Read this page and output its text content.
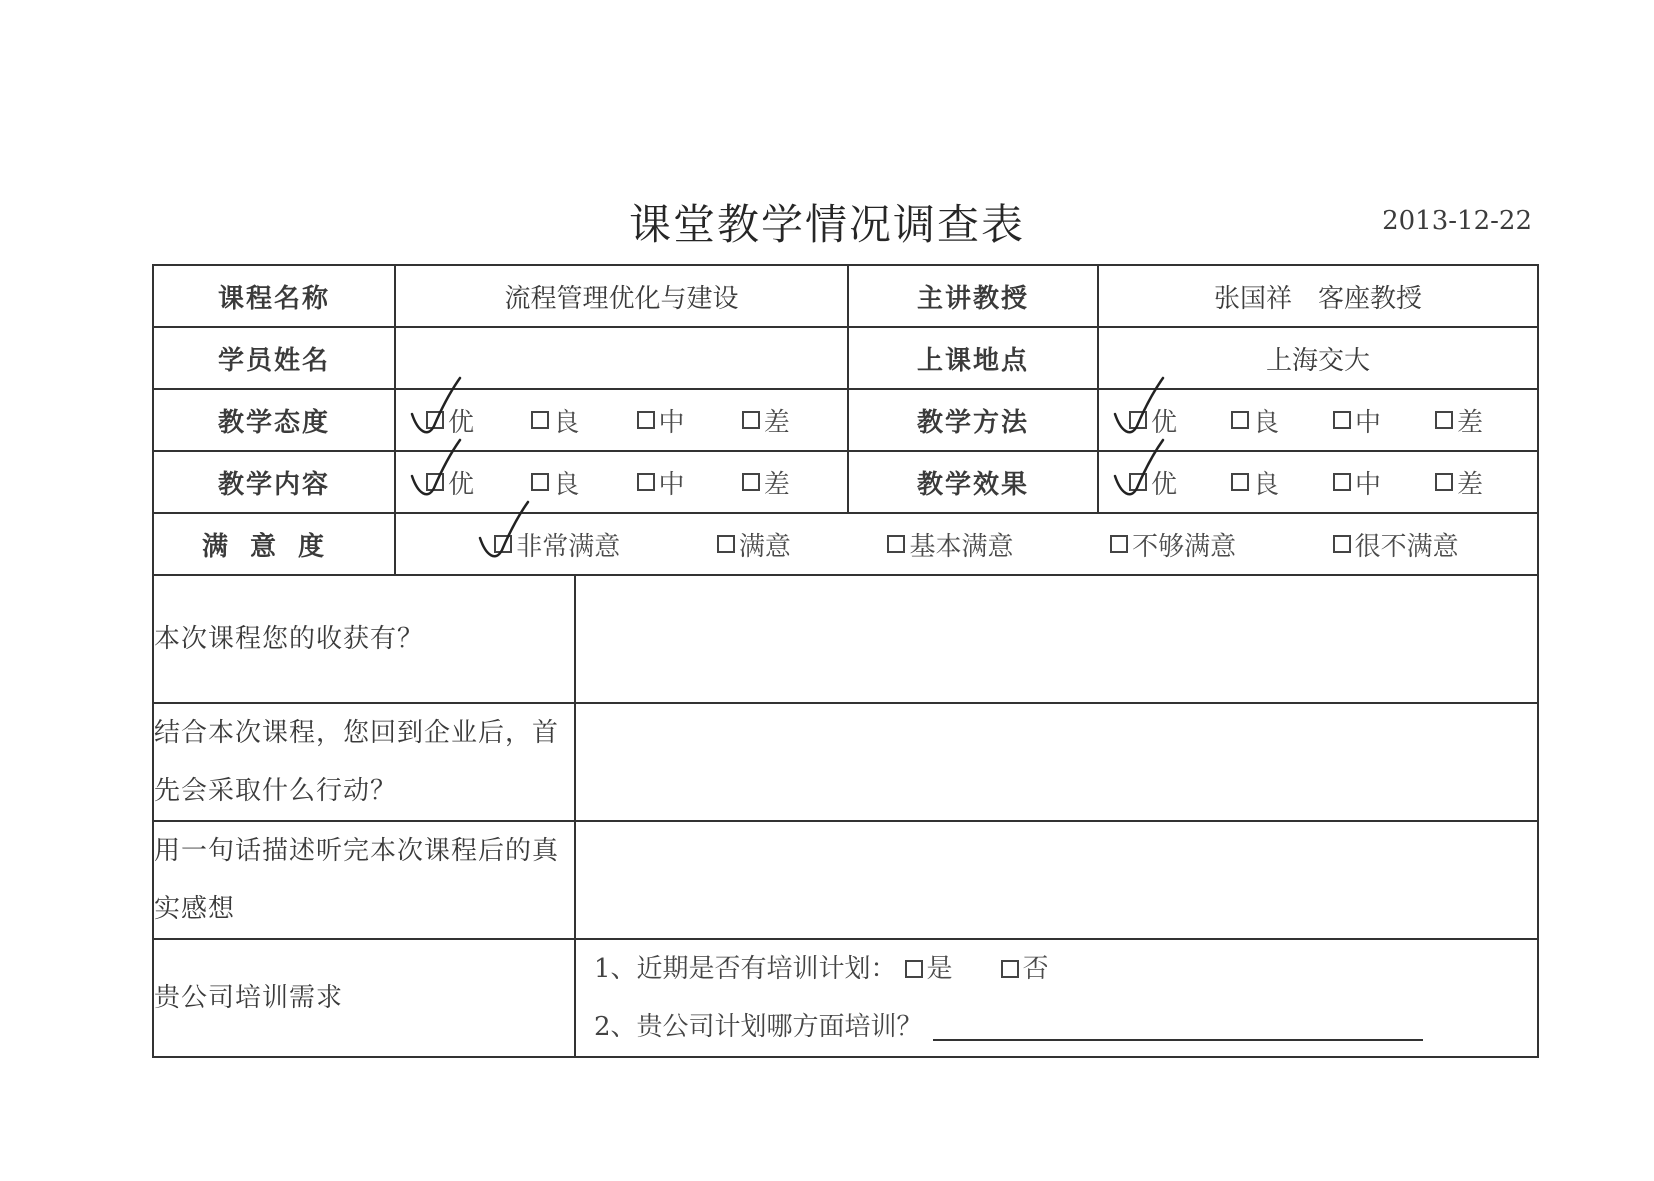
课堂教学情况调查表	2013-12-22
课程名称	流程管理优化与建设		主讲教授	张国祥　客座教授
学员姓名			上课地点	上海交大
教学态度	优 良 中 差		教学方法	优 良 中 差

教学内容	优 良 中 差		教学效果	优 良 中 差

满意度	非常满意 满意 基本满意 不够满意 很不满意			

本次课程您的收获有？				
结合本次课程，您回到企业后，首先会采取什么行动？				
用一句话描述听完本次课程后的真实感想				
贵公司培训需求		1、近期是否有培训计划： 是 否
2、贵公司计划哪方面培训？		
